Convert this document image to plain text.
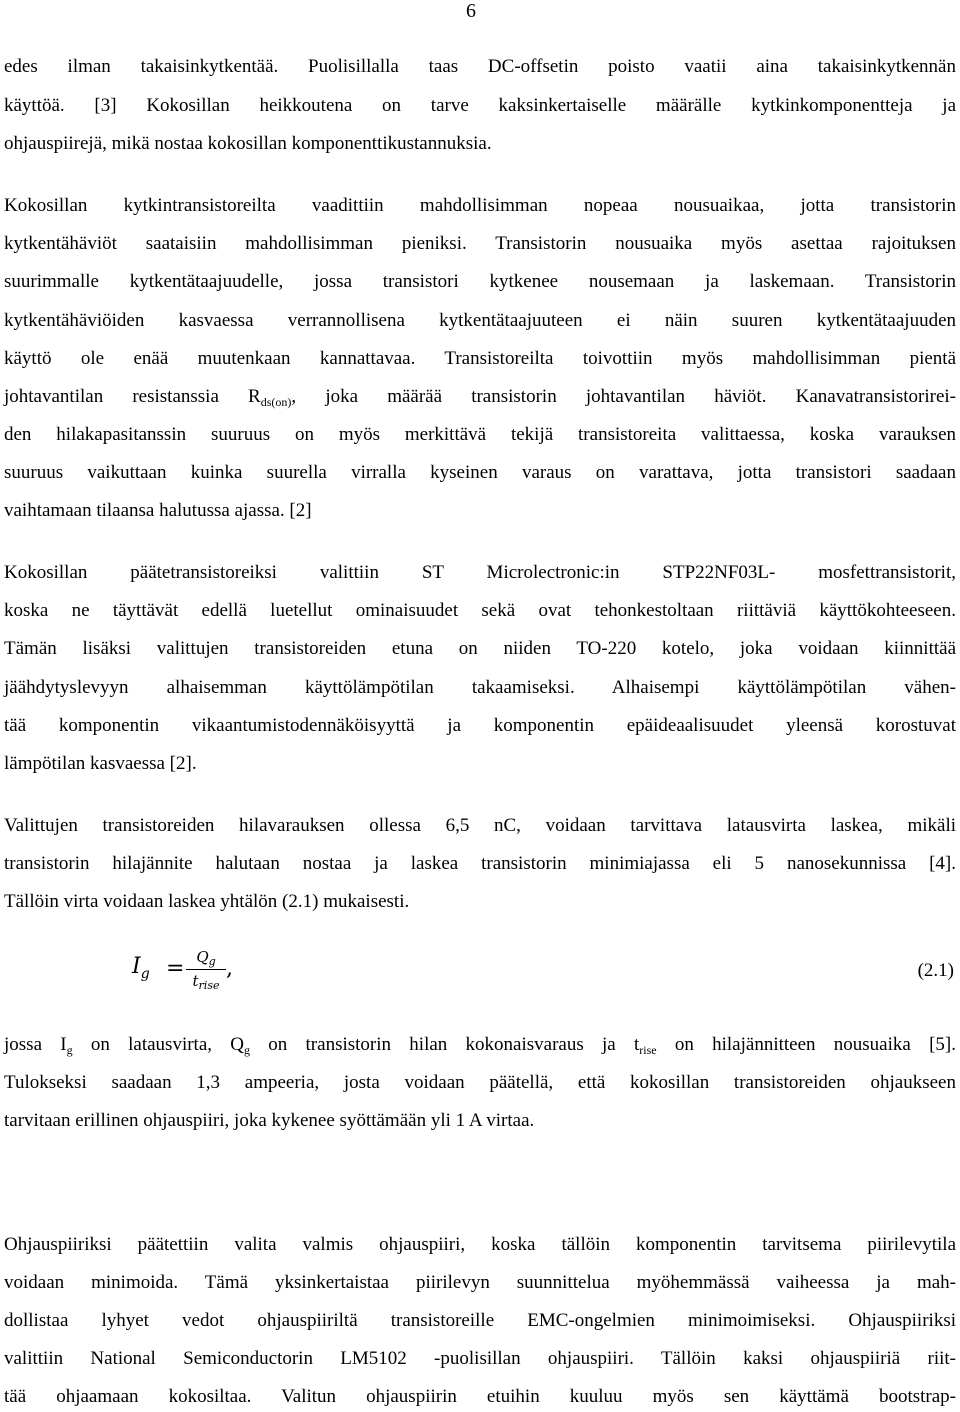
6
edes ilman takaisinkytkentää. Puolisillalla taas DC-offsetin poisto vaatii aina takaisinkytkennän
käyttöä. [3] Kokosillan heikkoutena on tarve kaksinkertaiselle määrälle kytkinkomponentteja ja
ohjauspiirejä, mikä nostaa kokosillan komponenttikustannuksia.
Kokosillan kytkintransistoreilta vaadittiin mahdollisimman nopeaa nousuaikaa, jotta transistorin
kytkentähäviöt saataisiin mahdollisimman pieniksi. Transistorin nousuaika myös asettaa rajoituksen
suurimmalle kytkentätaajuudelle, jossa transistori kytkenee nousemaan ja laskemaan. Transistorin
kytkentähäviöiden kasvaessa verrannollisena kytkentätaajuuteen ei näin suuren kytkentätaajuuden
käyttö ole enää muutenkaan kannattavaa. Transistoreilta toivottiin myös mahdollisimman pientä
johtavantilan resistanssia $R_{ds(on)}$, joka määrää transistorin johtavantilan häviöt. Kanavatransistorirei-
den hilakapasitanssin suuruus on myös merkittävä tekijä transistoreita valittaessa, koska varauksen
suuruus vaikuttaan kuinka suurella virralla kyseinen varaus on varattava, jotta transistori saadaan
vaihtamaan tilaansa halutussa ajassa. [2]
Kokosillan päätetransistoreiksi valittiin ST Microlectronic:in STP22NF03L- mosfettransistorit,
koska ne täyttävät edellä luetellut ominaisuudet sekä ovat tehonkestoltaan riittäviä käyttökohteeseen.
Tämän lisäksi valittujen transistoreiden etuna on niiden TO-220 kotelo, joka voidaan kiinnittää
jäähdytyslevyyn alhaisemman käyttölämpötilan takaamiseksi. Alhaisempi käyttölämpötilan vähen-
tää komponentin vikaantumistodennäköisyyttä ja komponentin epäideaalisuudet yleensä korostuvat
lämpötilan kasvaessa [2].
Valittujen transistoreiden hilavarauksen ollessa 6,5 nC, voidaan tarvittava latausvirta laskea, mikäli
transistorin hilajännite halutaan nostaa ja laskea transistorin minimiajassa eli 5 nanosekunnissa [4].
Tällöin virta voidaan laskea yhtälön (2.1) mukaisesti.
$I_g = Q_g$
$t_{rise}$
,	(2.1)
jossa $I_g$ on latausvirta, $Q_g$ on transistorin hilan kokonaisvaraus ja $t_{rise}$ on hilajännitteen nousuaika [5].
Tulokseksi saadaan 1,3 ampeeria, josta voidaan päätellä, että kokosillan transistoreiden ohjaukseen
tarvitaan erillinen ohjauspiiri, joka kykenee syöttämään yli 1 A virtaa.
Ohjauspiiriksi päätettiin valita valmis ohjauspiiri, koska tällöin komponentin tarvitsema piirilevytila
voidaan minimoida. Tämä yksinkertaistaa piirilevyn suunnittelua myöhemmässä vaiheessa ja mah-
dollistaa lyhyet vedot ohjauspiiriltä transistoreille EMC-ongelmien minimoimiseksi. Ohjauspiiriksi
valittiin National Semiconductorin LM5102 -puolisillan ohjauspiiri. Tällöin kaksi ohjauspiiriä riit-
tää ohjaamaan kokosiltaa. Valitun ohjauspiirin etuihin kuuluu myös sen käyttämä bootstrap-
